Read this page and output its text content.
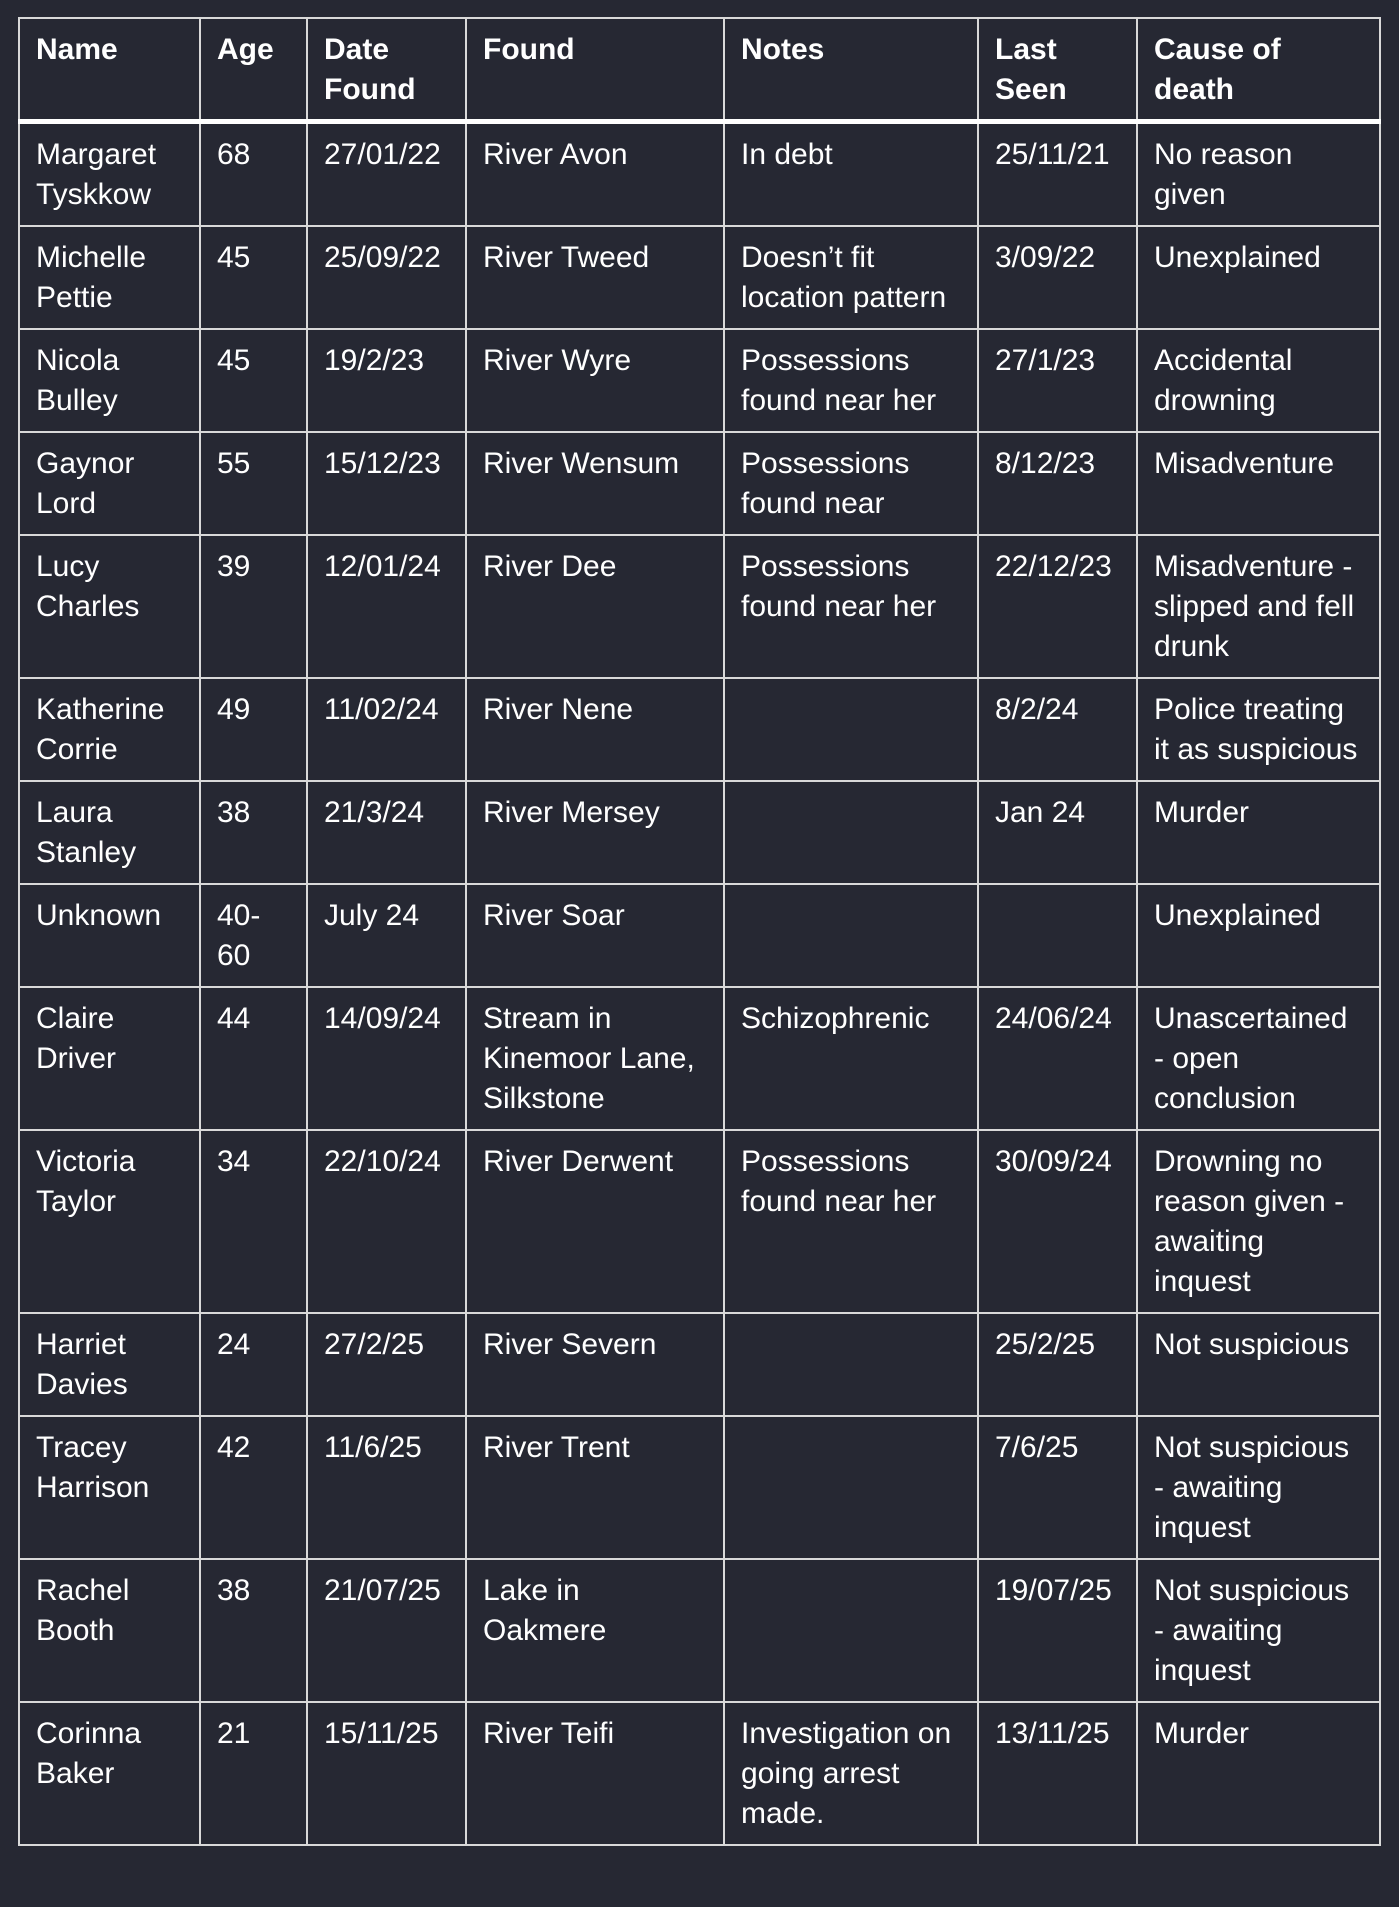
Name	Age	Date Found	Found	Notes	Last Seen	Cause of death
Margaret Tyskkow	68	27/01/22	River Avon	In debt	25/11/21	No reason given
Michelle Pettie	45	25/09/22	River Tweed	Doesn’t fit location pattern	3/09/22	Unexplained
Nicola Bulley	45	19/2/23	River Wyre	Possessions found near her	27/1/23	Accidental drowning
Gaynor Lord	55	15/12/23	River Wensum	Possessions found near	8/12/23	Misadventure
Lucy Charles	39	12/01/24	River Dee	Possessions found near her	22/12/23	Misadventure - slipped and fell drunk
Katherine Corrie	49	11/02/24	River Nene		8/2/24	Police treating it as suspicious
Laura Stanley	38	21/3/24	River Mersey		Jan 24	Murder
Unknown	40-60	July 24	River Soar			Unexplained
Claire Driver	44	14/09/24	Stream in Kinemoor Lane, Silkstone	Schizophrenic	24/06/24	Unascertained - open conclusion
Victoria Taylor	34	22/10/24	River Derwent	Possessions found near her	30/09/24	Drowning no reason given - awaiting inquest
Harriet Davies	24	27/2/25	River Severn		25/2/25	Not suspicious
Tracey Harrison	42	11/6/25	River Trent		7/6/25	Not suspicious - awaiting inquest
Rachel Booth	38	21/07/25	Lake in Oakmere		19/07/25	Not suspicious - awaiting inquest
Corinna Baker	21	15/11/25	River Teifi	Investigation on going arrest made.	13/11/25	Murder
